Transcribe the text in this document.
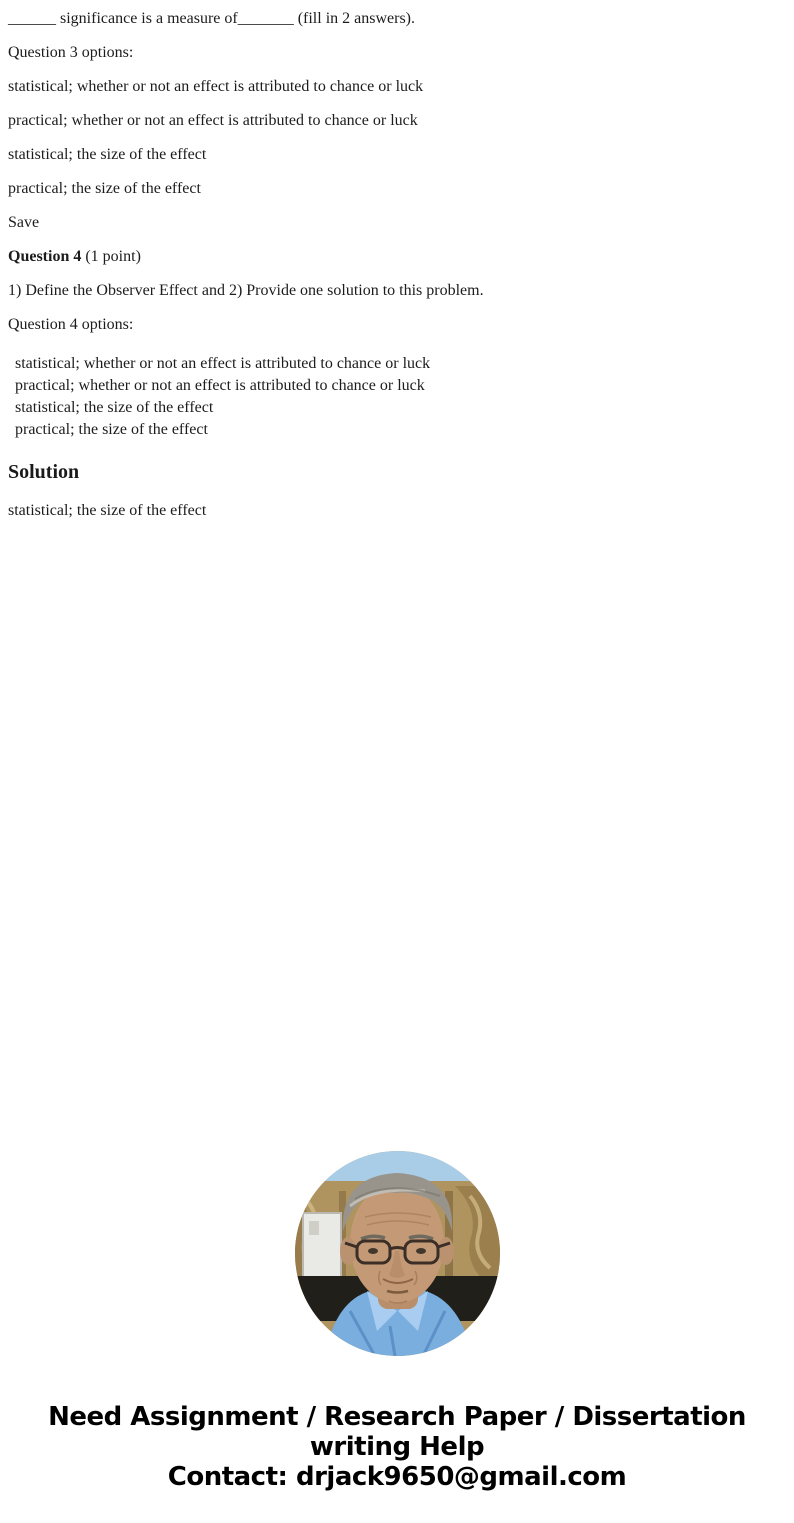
______ significance is a measure of_______ (fill in 2 answers).

Question 3 options:

statistical; whether or not an effect is attributed to chance or luck

practical; whether or not an effect is attributed to chance or luck

statistical; the size of the effect

practical; the size of the effect

Save

Question 4 (1 point)

1) Define the Observer Effect and 2) Provide one solution to this problem.

Question 4 options:

statistical; whether or not an effect is attributed to chance or luck
practical; whether or not an effect is attributed to chance or luck
statistical; the size of the effect
practical; the size of the effect
Solution

statistical; the size of the effect

Need Assignment / Research Paper / Dissertation
writing Help
Contact: drjack9650@gmail.com
